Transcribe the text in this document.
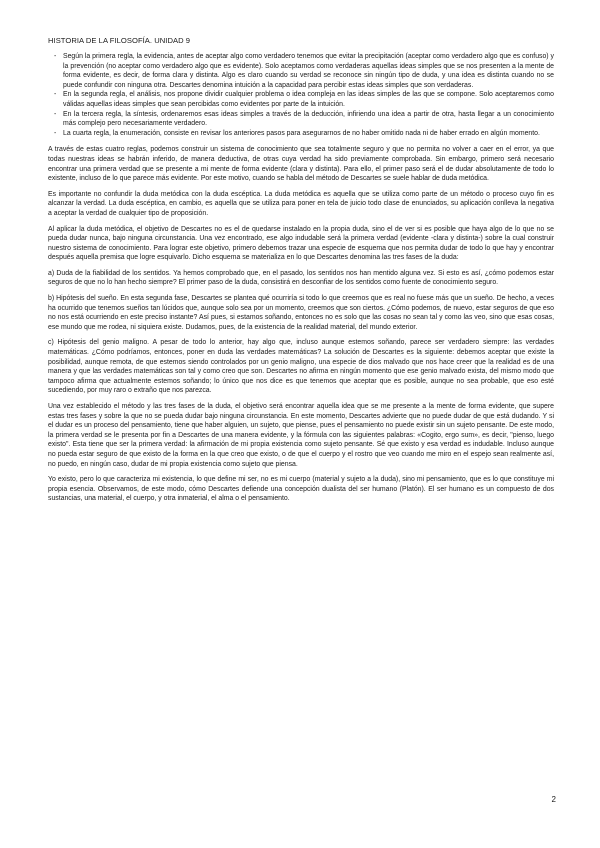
HISTORIA DE LA FILOSOFÍA. UNIDAD 9
- Según la primera regla, la evidencia, antes de aceptar algo como verdadero tenemos que evitar la precipitación (aceptar como verdadero algo que es confuso) y la prevención (no aceptar como verdadero algo que es evidente). Solo aceptamos como verdaderas aquellas ideas simples que se nos presenten a la mente de forma evidente, es decir, de forma clara y distinta. Algo es claro cuando su verdad se reconoce sin ningún tipo de duda, y una idea es distinta cuando no se puede confundir con ninguna otra. Descartes denomina intuición a la capacidad para percibir estas ideas simples que son verdaderas.
- En la segunda regla, el análisis, nos propone dividir cualquier problema o idea compleja en las ideas simples de las que se compone. Solo aceptaremos como válidas aquellas ideas simples que sean percibidas como evidentes por parte de la intuición.
- En la tercera regla, la síntesis, ordenaremos esas ideas simples a través de la deducción, infiriendo una idea a partir de otra, hasta llegar a un conocimiento más complejo pero necesariamente verdadero.
- La cuarta regla, la enumeración, consiste en revisar los anteriores pasos para asegurarnos de no haber omitido nada ni de haber errado en algún momento.

A través de estas cuatro reglas, podemos construir un sistema de conocimiento que sea totalmente seguro y que no permita no volver a caer en el error, ya que todas nuestras ideas se habrán inferido, de manera deductiva, de otras cuya verdad ha sido previamente comprobada. Sin embargo, primero será necesario encontrar una primera verdad que se presente a mi mente de forma evidente (clara y distinta). Para ello, el primer paso será el de dudar absolutamente de todo lo existente, incluso de lo que parece más evidente. Por este motivo, cuando se habla del método de Descartes se suele hablar de duda metódica.

Es importante no confundir la duda metódica con la duda escéptica. La duda metódica es aquella que se utiliza como parte de un método o proceso cuyo fin es alcanzar la verdad. La duda escéptica, en cambio, es aquella que se utiliza para poner en tela de juicio todo clase de enunciados, su aplicación conlleva la negativa a aceptar la verdad de cualquier tipo de proposición.

Al aplicar la duda metódica, el objetivo de Descartes no es el de quedarse instalado en la propia duda, sino el de ver si es posible que haya algo de lo que no se pueda dudar nunca, bajo ninguna circunstancia. Una vez encontrado, ese algo indudable será la primera verdad (evidente -clara y distinta-) sobre la cual construir nuestro sistema de conocimiento. Para lograr este objetivo, primero debemos trazar una especie de esquema que nos permita dudar de todo lo que hay y encontrar después aquella premisa que logre esquivarlo. Dicho esquema se materializa en lo que Descartes denomina las tres fases de la duda:

a) Duda de la fiabilidad de los sentidos. Ya hemos comprobado que, en el pasado, los sentidos nos han mentido alguna vez. Si esto es así, ¿cómo podemos estar seguros de que no lo han hecho siempre? El primer paso de la duda, consistirá en desconfiar de los sentidos como fuente de conocimiento seguro.

b) Hipótesis del sueño. En esta segunda fase, Descartes se plantea qué ocurriría si todo lo que creemos que es real no fuese más que un sueño. De hecho, a veces ha ocurrido que tenemos sueños tan lúcidos que, aunque solo sea por un momento, creemos que son ciertos. ¿Cómo podemos, de nuevo, estar seguros de que eso no nos está ocurriendo en este preciso instante? Así pues, si estamos soñando, entonces no es solo que las cosas no sean tal y como las veo, sino que esas cosas, ese mundo que me rodea, ni siquiera existe. Dudamos, pues, de la existencia de la realidad material, del mundo exterior.

c) Hipótesis del genio maligno. A pesar de todo lo anterior, hay algo que, incluso aunque estemos soñando, parece ser verdadero siempre: las verdades matemáticas. ¿Cómo podríamos, entonces, poner en duda las verdades matemáticas? La solución de Descartes es la siguiente: debemos aceptar que existe la posibilidad, aunque remota, de que estemos siendo controlados por un genio maligno, una especie de dios malvado que nos hace creer que la realidad es de una manera y que las verdades matemáticas son tal y como creo que son. Descartes no afirma en ningún momento que ese genio malvado exista, del mismo modo que tampoco afirma que actualmente estemos soñando; lo único que nos dice es que tenemos que aceptar que es posible, aunque no sea probable, que eso esté sucediendo, por muy raro o extraño que nos parezca.

Una vez establecido el método y las tres fases de la duda, el objetivo será encontrar aquella idea que se me presente a la mente de forma evidente, que supere estas tres fases y sobre la que no se pueda dudar bajo ninguna circunstancia. En este momento, Descartes advierte que no puede dudar de que está dudando. Y si el dudar es un proceso del pensamiento, tiene que haber alguien, un sujeto, que piense, pues el pensamiento no puede existir sin un sujeto pensante. De este modo, la primera verdad se le presenta por fin a Descartes de una manera evidente, y la fórmula con las siguientes palabras: «Cogito, ergo sum», es decir, "pienso, luego existo". Esta tiene que ser la primera verdad: la afirmación de mi propia existencia como sujeto pensante. Sé que existo y esa verdad es indudable. Incluso aunque no pueda estar seguro de que existo de la forma en la que creo que existo, o de que el cuerpo y el rostro que veo cuando me miro en el espejo sean realmente así, no puedo, en ningún caso, dudar de mi propia existencia como sujeto que piensa.

Yo existo, pero lo que caracteriza mi existencia, lo que define mi ser, no es mi cuerpo (material y sujeto a la duda), sino mi pensamiento, que es lo que constituye mi propia esencia. Observamos, de este modo, cómo Descartes defiende una concepción dualista del ser humano (Platón). El ser humano es un compuesto de dos sustancias, una material, el cuerpo, y otra inmaterial, el alma o el pensamiento.

2
